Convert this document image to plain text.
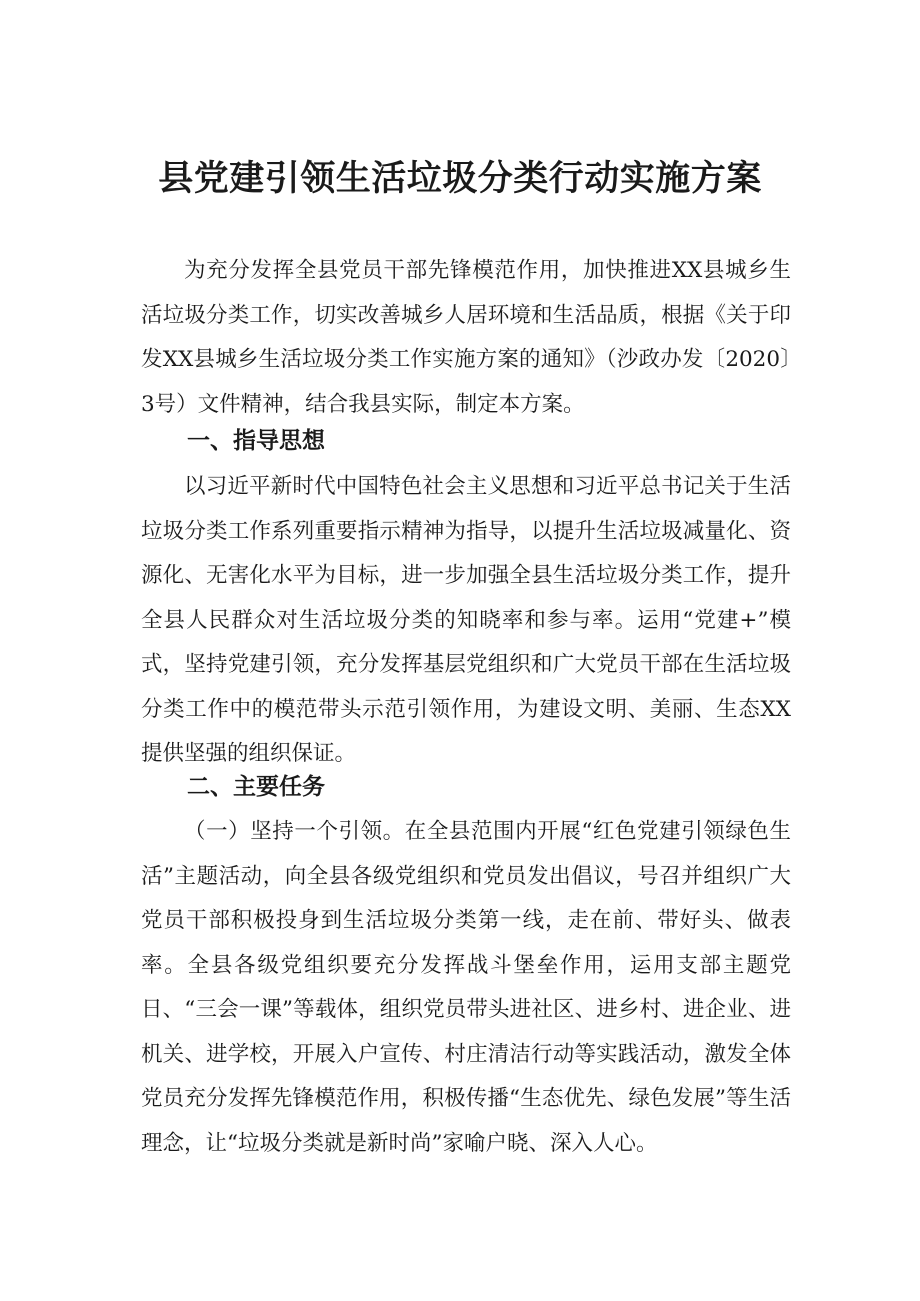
县党建引领生活垃圾分类行动实施方案

为充分发挥全县党员干部先锋模范作用，加快推进XX县城乡生活垃圾分类工作，切实改善城乡人居环境和生活品质，根据《关于印发XX县城乡生活垃圾分类工作实施方案的通知》（沙政办发〔2020〕3号）文件精神，结合我县实际，制定本方案。

一、指导思想

以习近平新时代中国特色社会主义思想和习近平总书记关于生活垃圾分类工作系列重要指示精神为指导，以提升生活垃圾减量化、资源化、无害化水平为目标，进一步加强全县生活垃圾分类工作，提升全县人民群众对生活垃圾分类的知晓率和参与率。运用“党建+”模式，坚持党建引领，充分发挥基层党组织和广大党员干部在生活垃圾分类工作中的模范带头示范引领作用，为建设文明、美丽、生态XX提供坚强的组织保证。

二、主要任务

（一）坚持一个引领。在全县范围内开展“红色党建引领绿色生活”主题活动，向全县各级党组织和党员发出倡议，号召并组织广大党员干部积极投身到生活垃圾分类第一线，走在前、带好头、做表率。全县各级党组织要充分发挥战斗堡垒作用，运用支部主题党日、“三会一课”等载体，组织党员带头进社区、进乡村、进企业、进机关、进学校，开展入户宣传、村庄清洁行动等实践活动，激发全体党员充分发挥先锋模范作用，积极传播“生态优先、绿色发展”等生活理念，让“垃圾分类就是新时尚”家喻户晓、深入人心。
